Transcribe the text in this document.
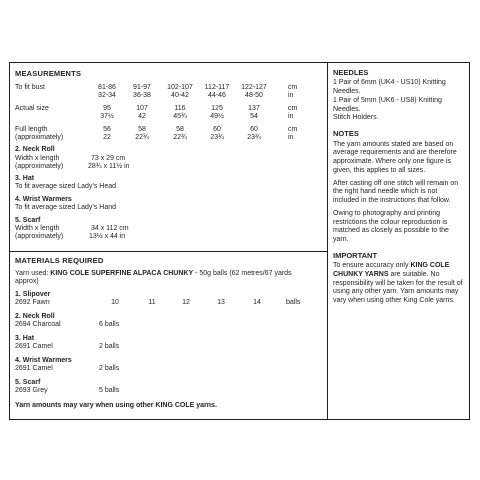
MEASUREMENTS
To fit bust	81-86	91-97	102-107	112-117	122-127	cm
32-34	36-38	40-42	44-46	48-50	in
Actual size	95	107	116	125	137	cm
37½	42	45¾	49½	54	in
Full length
(approximately)
56	58	58	60	60	cm
22	22¾	22¾	23¾	23¾	in
2. Neck Roll
Width x length
(approximately)
73 x 29 cm
28¾ x 11½ in
3. Hat
To fit average sized Lady’s Head
4. Wrist Warmers
To fit average sized Lady’s Hand
5. Scarf
Width x length
(approximately)
34 x 112 cm
13½ x 44 in
MATERIALS REQUIRED
Yarn used: KING COLE SUPERFINE ALPACA CHUNKY - 50g balls (62 metres/67 yards
approx)
1. Slipover
2692 Fawn	10	11	12	13	14	balls
2. Neck Roll
2694 Charcoal	6 balls
3. Hat
2691 Camel	2 balls
4. Wrist Warmers
2691 Camel	2 balls
5. Scarf
2693 Grey	5 balls
Yarn amounts may vary when using other KING COLE yarns.
NEEDLES

1 Pair of 6mm (UK4 - US10) Knitting Needles.

1 Pair of 5mm (UK6 - US8) Knitting Needles.

Stitch Holders.

NOTES

The yarn amounts stated are based on average requirements and are therefore approximate. Where only one figure is given, this applies to all sizes.

After casting off one stitch will remain on the right hand needle which is not included in the instructions that follow.

Owing to photography and printing restrictions the colour reproduction is matched as closely as possible to the yarn.

IMPORTANT

To ensure accuracy only KING COLE CHUNKY YARNS are suitable. No responsibility will be taken for the result of using any other yarn. Yarn amounts may vary when using other King Cole yarns.
